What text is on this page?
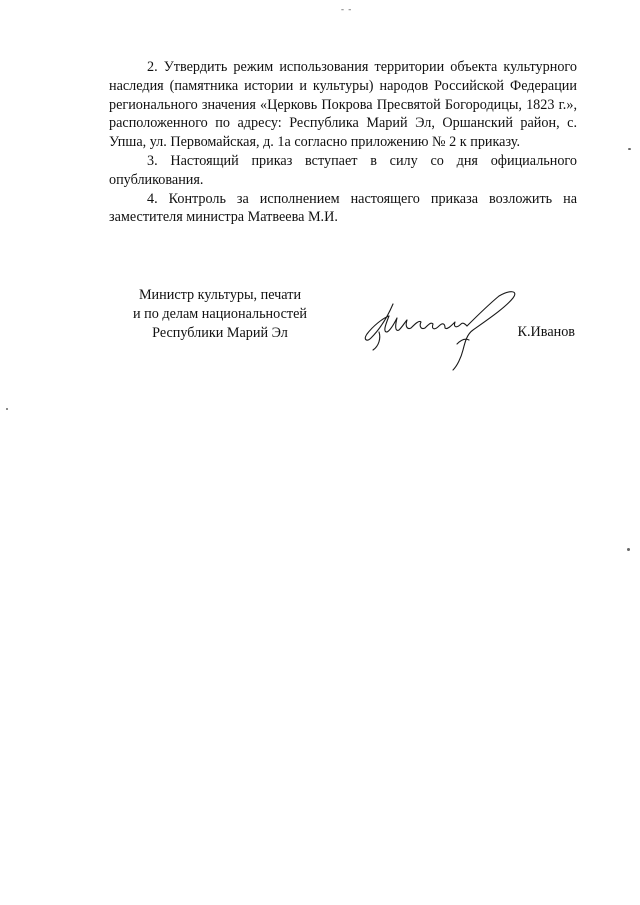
- -

2. Утвердить режим использования территории объекта культурного наследия (памятника истории и культуры) народов Российской Федерации регионального значения «Церковь Покрова Пресвятой Богородицы, 1823 г.», расположенного по адресу: Республика Марий Эл, Оршанский район, с. Упша, ул. Первомайская, д. 1а согласно приложению № 2 к приказу.

3. Настоящий приказ вступает в силу со дня официального опубликования.

4. Контроль за исполнением настоящего приказа возложить на заместителя министра Матвеева М.И.

Министр культуры, печати
и по делам национальностей
Республики Марий Эл	К.Иванов
